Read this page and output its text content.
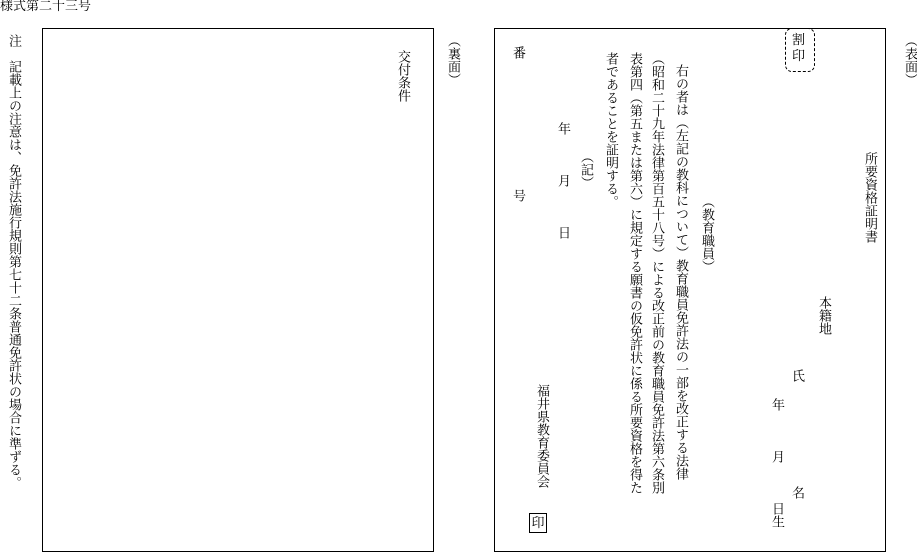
様式第二十三号
注　記載上の注意は、免許法施行規則第七十二条普通免許状の場合に準ずる。	交付条件	（裏面）	（表面）
割
印
所要資格証明書
本籍地
氏　　　　　　　　名
年　　　月　　　日生
（教育職員）
右の者は（左記の教科について）教育職員免許法の一部を改正する法律
（昭和二十九年法律第百五十八号）による改正前の教育職員免許法第六条別
表第四（第五または第六）に規定する願書の仮免許状に係る所要資格を得た
者であることを証明する。
（記）
年　　　月　　　日
番　　　　　　　　　　号
福井県教育委員会
印
